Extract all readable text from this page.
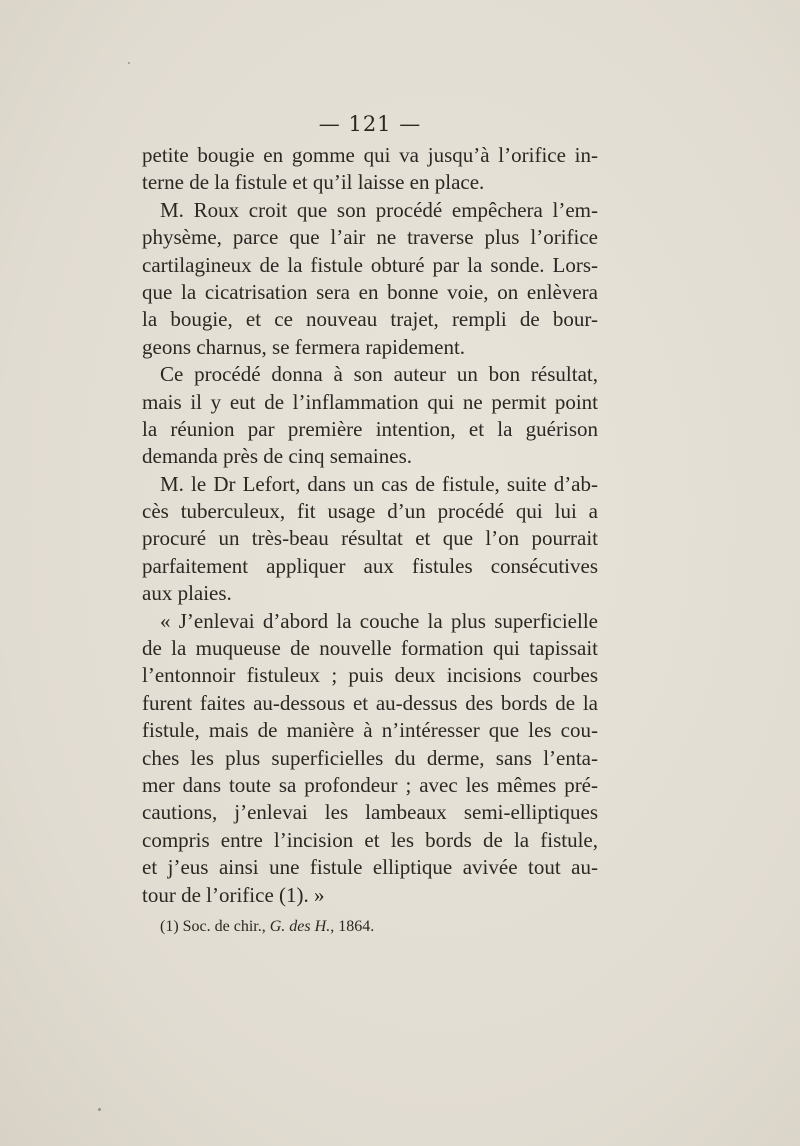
— 121 —
petite bougie en gomme qui va jusqu’à l’orifice in-
terne de la fistule et qu’il laisse en place.
M. Roux croit que son procédé empêchera l’em-
physème, parce que l’air ne traverse plus l’orifice
cartilagineux de la fistule obturé par la sonde. Lors-
que la cicatrisation sera en bonne voie, on enlèvera
la bougie, et ce nouveau trajet, rempli de bour-
geons charnus, se fermera rapidement.
Ce procédé donna à son auteur un bon résultat,
mais il y eut de l’inflammation qui ne permit point
la réunion par première intention, et la guérison
demanda près de cinq semaines.
M. le Dr Lefort, dans un cas de fistule, suite d’ab-
cès tuberculeux, fit usage d’un procédé qui lui a
procuré un très-beau résultat et que l’on pourrait
parfaitement appliquer aux fistules consécutives
aux plaies.
« J’enlevai d’abord la couche la plus superficielle
de la muqueuse de nouvelle formation qui tapissait
l’entonnoir fistuleux ; puis deux incisions courbes
furent faites au-dessous et au-dessus des bords de la
fistule, mais de manière à n’intéresser que les cou-
ches les plus superficielles du derme, sans l’enta-
mer dans toute sa profondeur ; avec les mêmes pré-
cautions, j’enlevai les lambeaux semi-elliptiques
compris entre l’incision et les bords de la fistule,
et j’eus ainsi une fistule elliptique avivée tout au-
tour de l’orifice (1). »
(1) Soc. de chir., G. des H., 1864.
